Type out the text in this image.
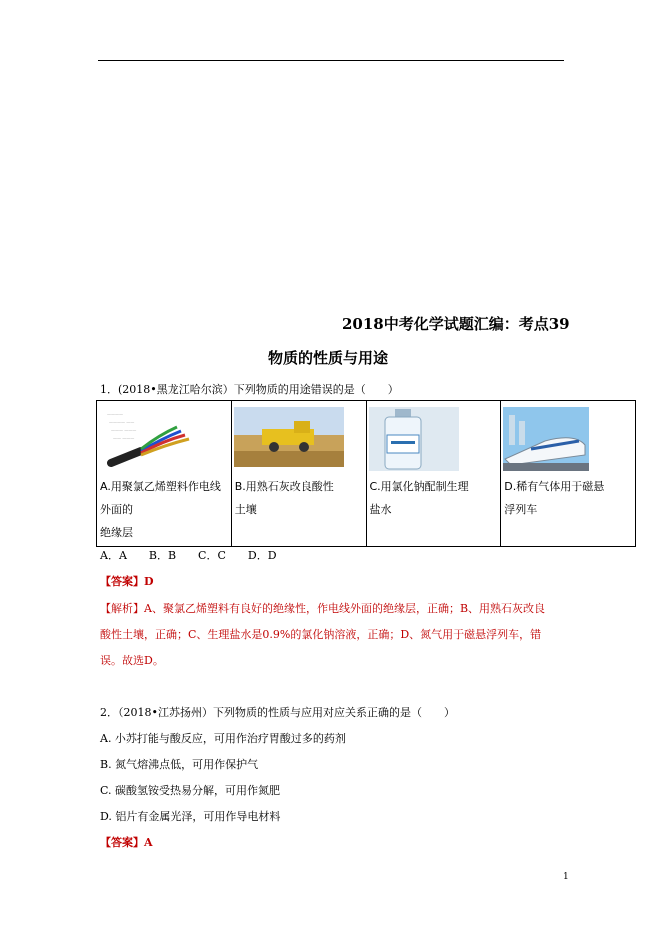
2018中考化学试题汇编：考点39
物质的性质与用途
1．(2018•黑龙江哈尔滨）下列物质的用途错误的是（　　）
————
———— ——
——— ———
—— ———
A.用聚氯乙烯塑料作电线外面的
绝缘层

B.用熟石灰改良酸性
土壤

C.用氯化钠配制生理
盐水

D.稀有气体用于磁悬
浮列车
A．A　　B．B　　C．C　　D．D
【答案】D
【解析】A、聚氯乙烯塑料有良好的绝缘性，作电线外面的绝缘层，正确；B、用熟石灰改良
酸性土壤，正确；C、生理盐水是0.9%的氯化钠溶液，正确；D、氮气用于磁悬浮列车，错
误。故选D。
2．（2018•江苏扬州）下列物质的性质与应用对应关系正确的是（　　）
A. 小苏打能与酸反应，可用作治疗胃酸过多的药剂
B. 氮气熔沸点低，可用作保护气
C. 碳酸氢铵受热易分解，可用作氮肥
D. 铝片有金属光泽，可用作导电材料
【答案】A
1
